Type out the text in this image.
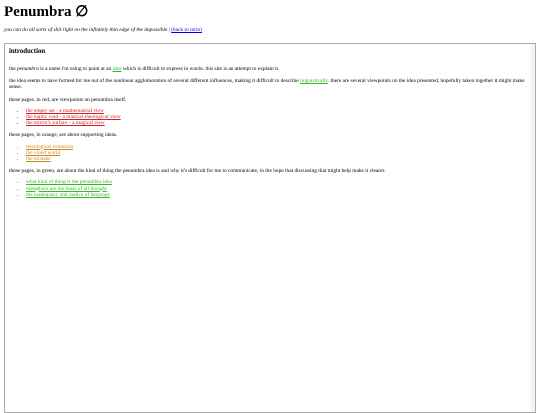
Penumbra ∅

you can do all sorts of shit right on the infinitely thin edge of the impossible | (back to intro)

introduction

the penumbra is a name i'm using to point at an idea which is difficult to express in words. this site is an attempt to explain it.

the idea seems to have formed for me out of the nonlinear agglomeration of several different influences, making it difficult to describe linguistically. there are several viewpoints on the idea presented, hopefully taken together it might make sense.

these pages, in red, are viewpoints on penumbra itself.

• the empty set - a mathematical view
• the haptic void - a musical-theological view
• the mirror's surface - a magical view

these pages, in orange, are about supporting ideas.

• teleological extension
• the violet world
• the mistake

these pages, in green, are about the kind of thing the penumbra idea is and why it's difficult for me to communicate, in the hope that discussing that might help make it clearer.

• what kind of thing is the penumbra idea
• metaphors are the basis of all thought
• the inadequacy and malice of language
